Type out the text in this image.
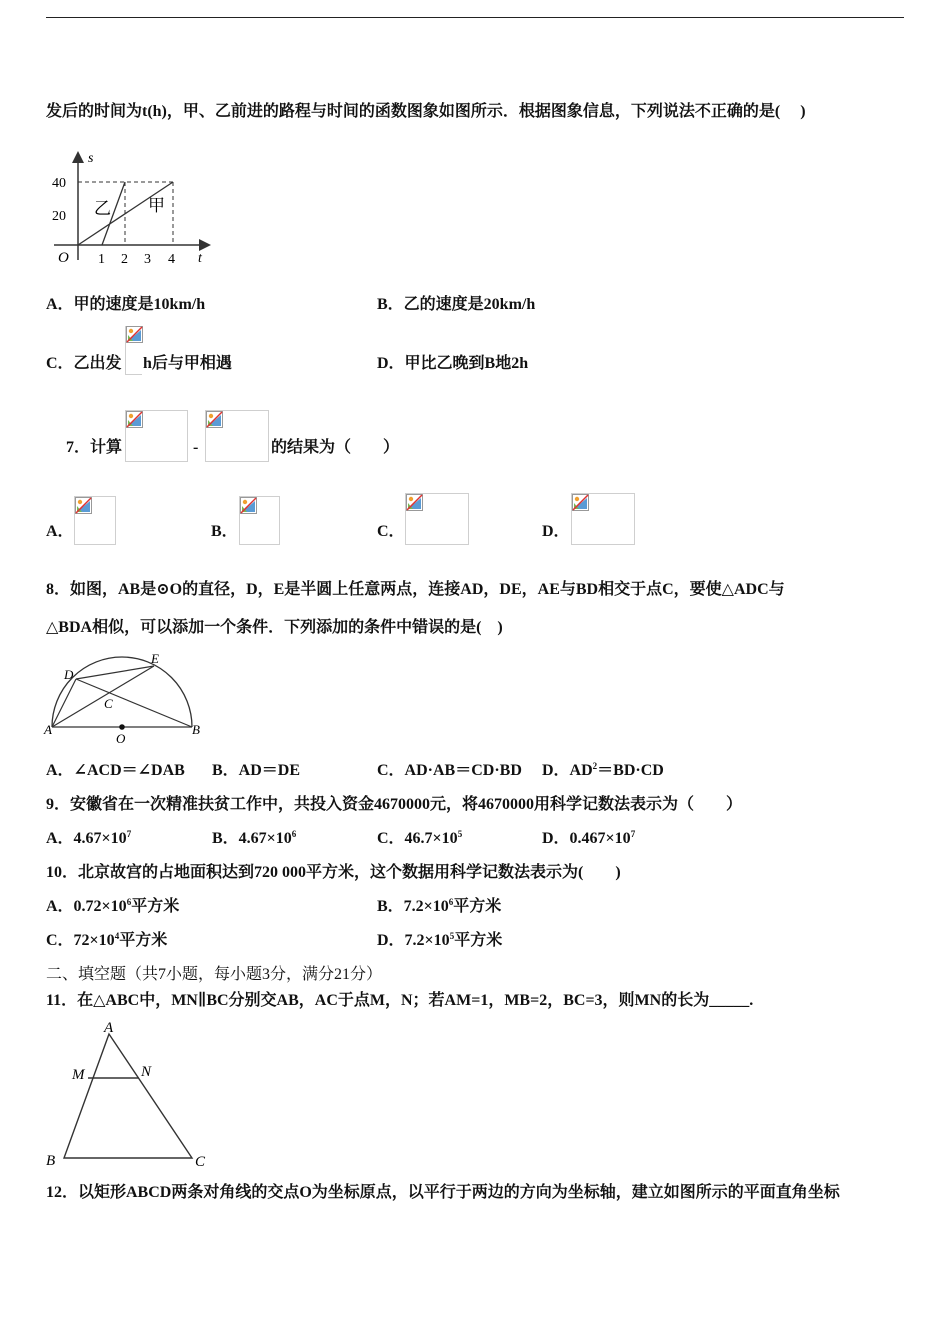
发后的时间为t(h)，甲、乙前进的路程与时间的函数图象如图所示．根据图象信息，下列说法不正确的是(　 )
s
t
O
40
20
1 2 3 4
乙 甲
A．甲的速度是10km/h	B．乙的速度是20km/h
C．乙出发 h后与甲相遇	D．甲比乙晚到B地2h
7．计算	-	的结果为（　　）
A．	B．	C．	D．
8．如图，AB是⊙O的直径，D，E是半圆上任意两点，连接AD，DE，AE与BD相交于点C，要使△ADC与
△BDA相似，可以添加一个条件．下列添加的条件中错误的是(　)
A	B
C
D
E
O
A．∠ACD＝∠DAB B．AD＝DE	C．AD·AB＝CD·BD D．$AD^2=BD\cdot CD$
9．安徽省在一次精准扶贫工作中，共投入资金4670000元，将4670000用科学记数法表示为（　　）
A．$4.67\times 10^7$	B．$4.67\times 10^6$	C．$46.7\times 10^5$	D．$0.467\times 10^7$
10．北京故宫的占地面积达到720 000平方米，这个数据用科学记数法表示为(　　)
A．$0.72\times 10^6$平方米	B．$7.2\times 10^6$平方米
C．$72\times 10^4$平方米	D．$7.2\times 10^5$平方米
二、填空题（共7小题，每小题3分，满分21分）
11．在△ABC中，MN∥BC分别交AB，AC于点M，N；若AM=1，MB=2，BC=3，则MN的长为_____.
A
B	C
M	N
12．以矩形ABCD两条对角线的交点O为坐标原点，以平行于两边的方向为坐标轴，建立如图所示的平面直角坐标
